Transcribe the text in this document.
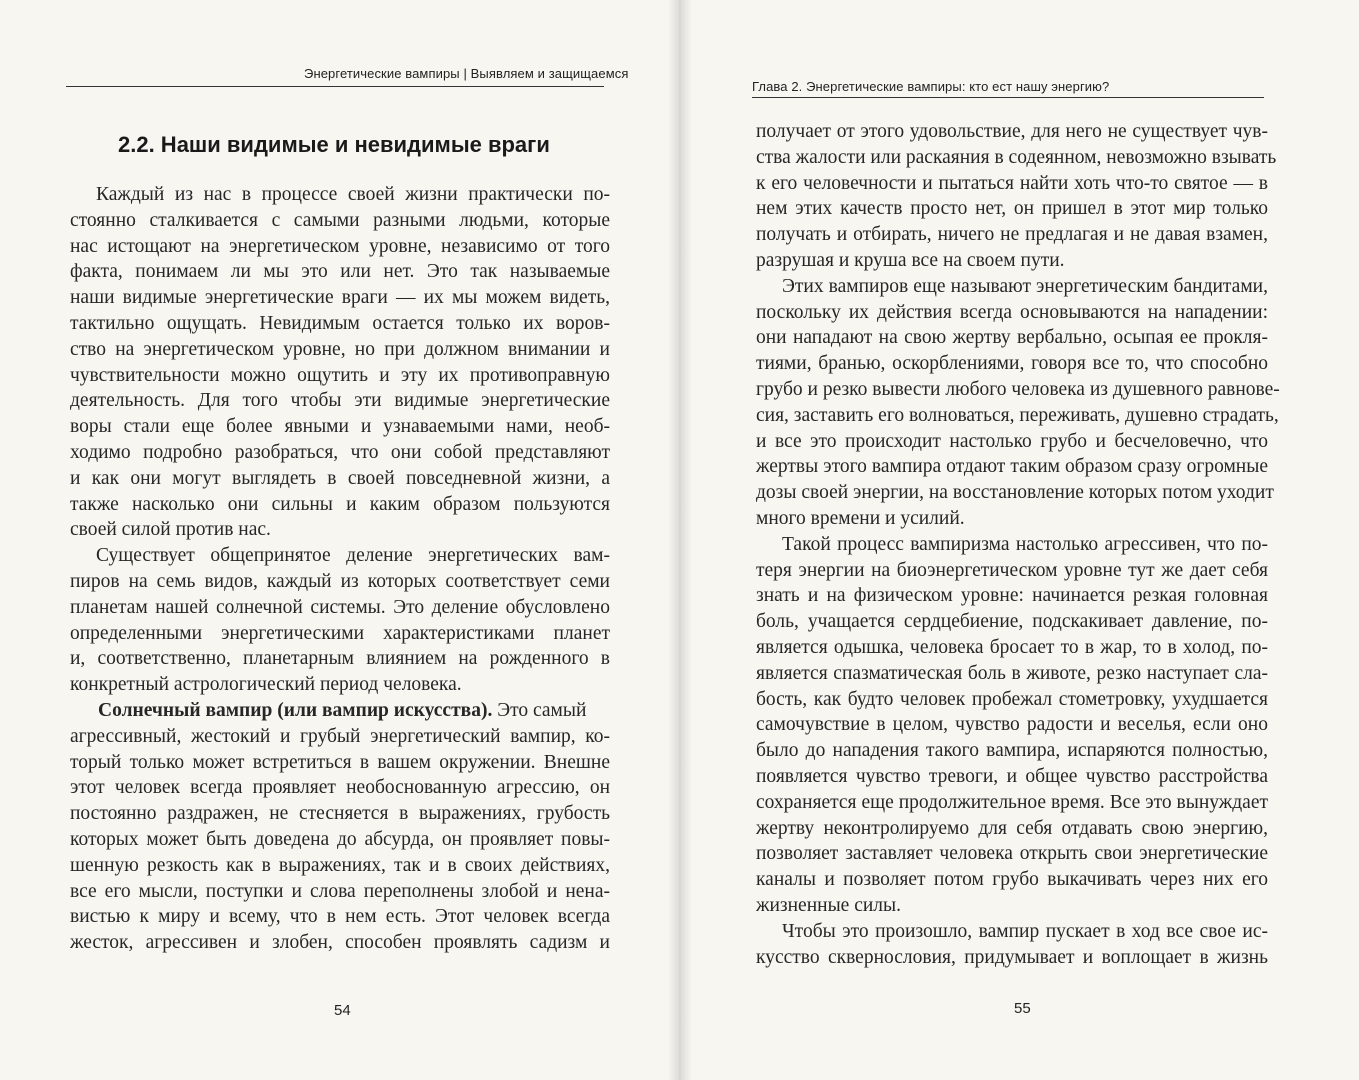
Энергетические вампиры | Выявляем и защищаемся
2.2. Наши видимые и невидимые враги
Каждый из нас в процессе своей жизни практически по-
стоянно сталкивается с самыми разными людьми, которые
нас истощают на энергетическом уровне, независимо от того
факта, понимаем ли мы это или нет. Это так называемые
наши видимые энергетические враги — их мы можем видеть,
тактильно ощущать. Невидимым остается только их воров-
ство на энергетическом уровне, но при должном внимании и
чувствительности можно ощутить и эту их противоправную
деятельность. Для того чтобы эти видимые энергетические
воры стали еще более явными и узнаваемыми нами, необ-
ходимо подробно разобраться, что они собой представляют
и как они могут выглядеть в своей повседневной жизни, а
также насколько они сильны и каким образом пользуются
своей силой против нас.
Существует общепринятое деление энергетических вам-
пиров на семь видов, каждый из которых соответствует семи
планетам нашей солнечной системы. Это деление обусловлено
определенными энергетическими характеристиками планет
и, соответственно, планетарным влиянием на рожденного в
конкретный астрологический период человека.
Солнечный вампир (или вампир искусства). Это самый
агрессивный, жестокий и грубый энергетический вампир, ко-
торый только может встретиться в вашем окружении. Внешне
этот человек всегда проявляет необоснованную агрессию, он
постоянно раздражен, не стесняется в выражениях, грубость
которых может быть доведена до абсурда, он проявляет повы-
шенную резкость как в выражениях, так и в своих действиях,
все его мысли, поступки и слова переполнены злобой и нена-
вистью к миру и всему, что в нем есть. Этот человек всегда
жесток, агрессивен и злобен, способен проявлять садизм и
54
Глава 2. Энергетические вампиры: кто ест нашу энергию?
получает от этого удовольствие, для него не существует чув-
ства жалости или раскаяния в содеянном, невозможно взывать
к его человечности и пытаться найти хоть что-то святое — в
нем этих качеств просто нет, он пришел в этот мир только
получать и отбирать, ничего не предлагая и не давая взамен,
разрушая и круша все на своем пути.
Этих вампиров еще называют энергетическим бандитами,
поскольку их действия всегда основываются на нападении:
они нападают на свою жертву вербально, осыпая ее прокля-
тиями, бранью, оскорблениями, говоря все то, что способно
грубо и резко вывести любого человека из душевного равнове-
сия, заставить его волноваться, переживать, душевно страдать,
и все это происходит настолько грубо и бесчеловечно, что
жертвы этого вампира отдают таким образом сразу огромные
дозы своей энергии, на восстановление которых потом уходит
много времени и усилий.
Такой процесс вампиризма настолько агрессивен, что по-
теря энергии на биоэнергетическом уровне тут же дает себя
знать и на физическом уровне: начинается резкая головная
боль, учащается сердцебиение, подскакивает давление, по-
является одышка, человека бросает то в жар, то в холод, по-
является спазматическая боль в животе, резко наступает сла-
бость, как будто человек пробежал стометровку, ухудшается
самочувствие в целом, чувство радости и веселья, если оно
было до нападения такого вампира, испаряются полностью,
появляется чувство тревоги, и общее чувство расстройства
сохраняется еще продолжительное время. Все это вынуждает
жертву неконтролируемо для себя отдавать свою энергию,
позволяет заставляет человека открыть свои энергетические
каналы и позволяет потом грубо выкачивать через них его
жизненные силы.
Чтобы это произошло, вампир пускает в ход все свое ис-
кусство сквернословия, придумывает и воплощает в жизнь
55
